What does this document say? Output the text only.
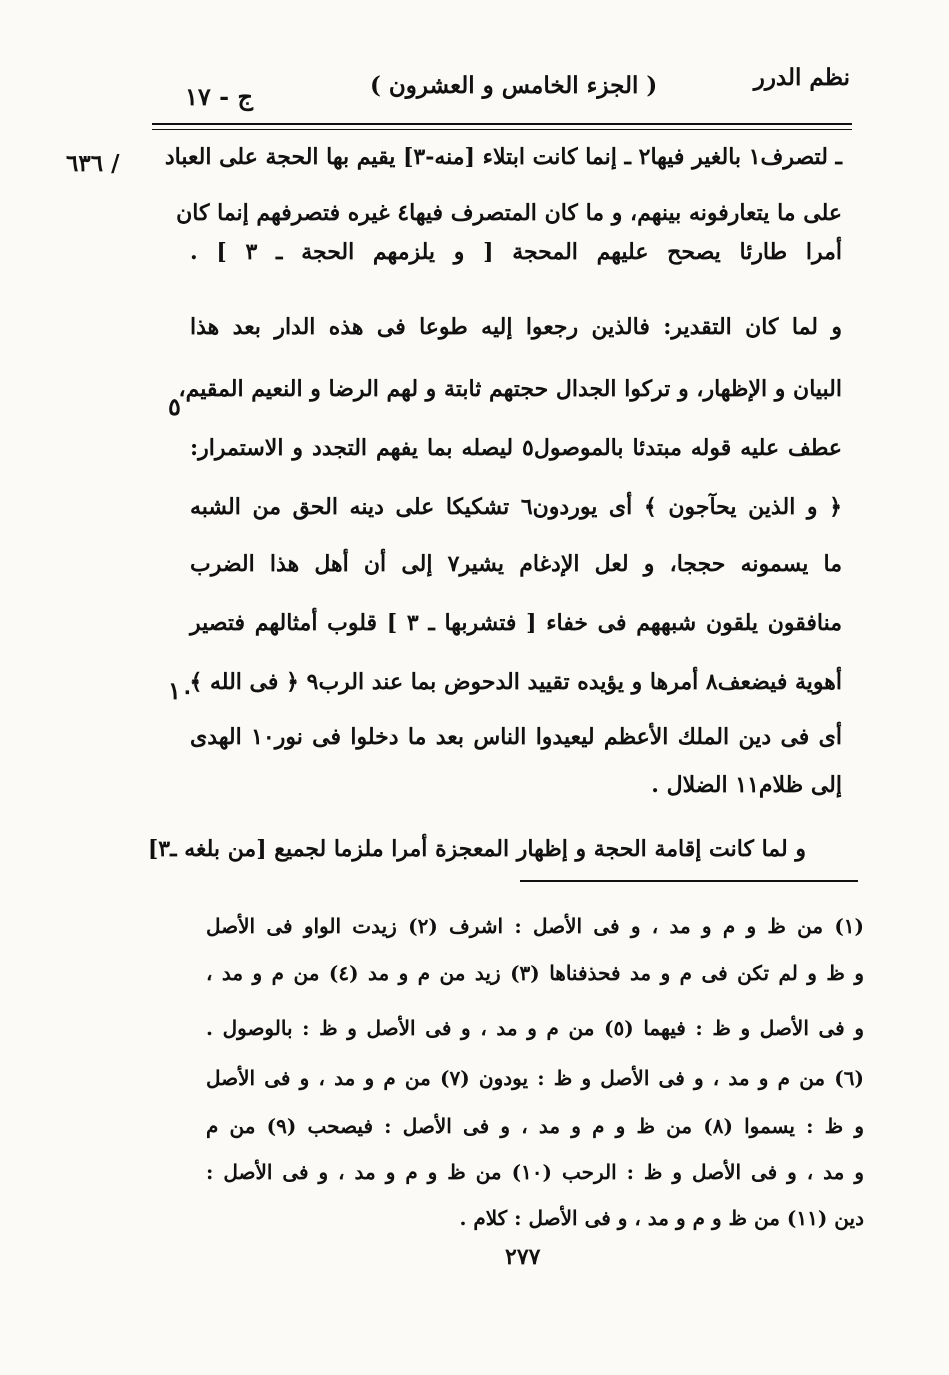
نظم الدرر
( الجزء الخامس و العشرون )
ج - ١٧
/ ٦٣٦
٥
١٠
ـ لتصرف١ بالغير فيها٢ ـ إنما كانت ابتلاء [منه-٣] يقيم بها الحجة على العباد
على ما يتعارفونه بينهم، و ما كان المتصرف فيها٤ غيره فتصرفهم إنما كان
أمرا طارئا يصحح عليهم المحجة [ و يلزمهم الحجة ـ ٣ ] .
و لما كان التقدير: فالذين رجعوا إليه طوعا فى هذه الدار بعد هذا
البيان و الإظهار، و تركوا الجدال حجتهم ثابتة و لهم الرضا و النعيم المقيم،
عطف عليه قوله مبتدئا بالموصول٥ ليصله بما يفهم التجدد و الاستمرار:
﴿ و الذين يحآجون ﴾ أى يوردون٦ تشكيكا على دينه الحق من الشبه
ما يسمونه حججا، و لعل الإدغام يشير٧ إلى أن أهل هذا الضرب
منافقون يلقون شبههم فى خفاء [ فتشربها ـ ٣ ] قلوب أمثالهم فتصير
أهوية فيضعف٨ أمرها و يؤيده تقييد الدحوض بما عند الرب٩ ﴿ فى الله ﴾
أى فى دين الملك الأعظم ليعيدوا الناس بعد ما دخلوا فى نور١٠ الهدى
إلى ظلام١١ الضلال .
و لما كانت إقامة الحجة و إظهار المعجزة أمرا ملزما لجميع [من بلغه ـ٣]
(١) من ظ و م و مد ، و فى الأصل : اشرف (٢) زيدت الواو فى الأصل
و ظ و لم تكن فى م و مد فحذفناها (٣) زيد من م و مد (٤) من م و مد ،
و فى الأصل و ظ : فيهما (٥) من م و مد ، و فى الأصل و ظ : بالوصول .
(٦) من م و مد ، و فى الأصل و ظ : يودون (٧) من م و مد ، و فى الأصل
و ظ : يسموا (٨) من ظ و م و مد ، و فى الأصل : فيصحب (٩) من م
و مد ، و فى الأصل و ظ : الرحب (١٠) من ظ و م و مد ، و فى الأصل :
دين (١١) من ظ و م و مد ، و فى الأصل : كلام .
٢٧٧
